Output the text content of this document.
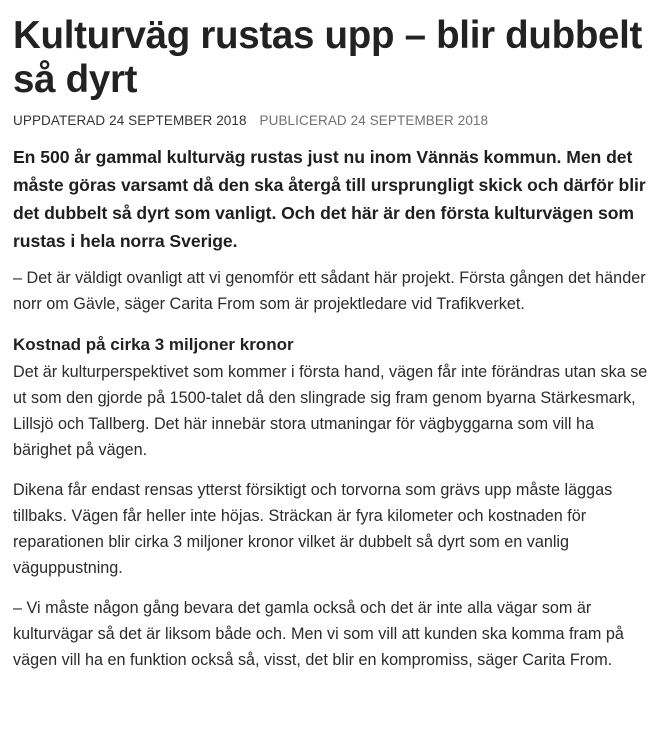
Kulturväg rustas upp – blir dubbelt så dyrt
UPPDATERAD 24 SEPTEMBER 2018 PUBLICERAD 24 SEPTEMBER 2018

En 500 år gammal kulturväg rustas just nu inom Vännäs kommun. Men det måste göras varsamt då den ska återgå till ursprungligt skick och därför blir det dubbelt så dyrt som vanligt. Och det här är den första kulturvägen som rustas i hela norra Sverige.

– Det är väldigt ovanligt att vi genomför ett sådant här projekt. Första gången det händer norr om Gävle, säger Carita From som är projektledare vid Trafikverket.

Kostnad på cirka 3 miljoner kronor

Det är kulturperspektivet som kommer i första hand, vägen får inte förändras utan ska se ut som den gjorde på 1500-talet då den slingrade sig fram genom byarna Stärkesmark, Lillsjö och Tallberg. Det här innebär stora utmaningar för vägbyggarna som vill ha bärighet på vägen.

Dikena får endast rensas ytterst försiktigt och torvorna som grävs upp måste läggas tillbaks. Vägen får heller inte höjas. Sträckan är fyra kilometer och kostnaden för reparationen blir cirka 3 miljoner kronor vilket är dubbelt så dyrt som en vanlig väguppustning.

– Vi måste någon gång bevara det gamla också och det är inte alla vägar som är kulturvägar så det är liksom både och. Men vi som vill att kunden ska komma fram på vägen vill ha en funktion också så, visst, det blir en kompromiss, säger Carita From.
